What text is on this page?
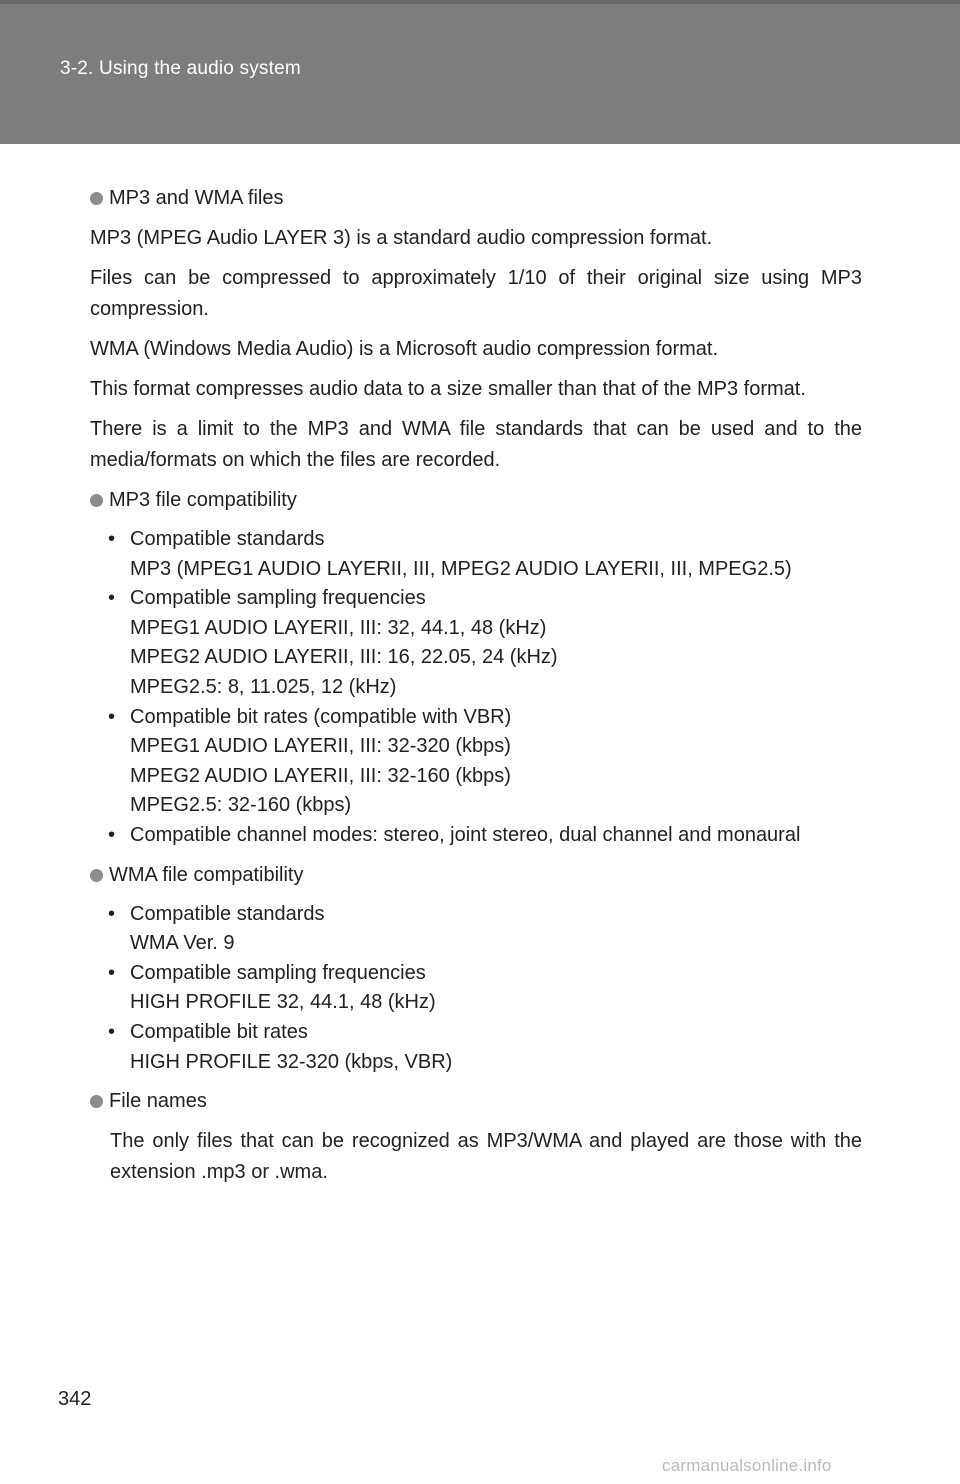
3-2. Using the audio system
MP3 and WMA files
MP3 (MPEG Audio LAYER 3) is a standard audio compression format.
Files can be compressed to approximately 1/10 of their original size using MP3 compression.
WMA (Windows Media Audio) is a Microsoft audio compression format.
This format compresses audio data to a size smaller than that of the MP3 format.
There is a limit to the MP3 and WMA file standards that can be used and to the media/formats on which the files are recorded.
MP3 file compatibility
• Compatible standards
MP3 (MPEG1 AUDIO LAYERII, III, MPEG2 AUDIO LAYERII, III, MPEG2.5)
• Compatible sampling frequencies
MPEG1 AUDIO LAYERII, III: 32, 44.1, 48 (kHz)
MPEG2 AUDIO LAYERII, III: 16, 22.05, 24 (kHz)
MPEG2.5: 8, 11.025, 12 (kHz)
• Compatible bit rates (compatible with VBR)
MPEG1 AUDIO LAYERII, III: 32-320 (kbps)
MPEG2 AUDIO LAYERII, III: 32-160 (kbps)
MPEG2.5: 32-160 (kbps)
• Compatible channel modes: stereo, joint stereo, dual channel and monaural
WMA file compatibility
• Compatible standards
WMA Ver. 9
• Compatible sampling frequencies
HIGH PROFILE 32, 44.1, 48 (kHz)
• Compatible bit rates
HIGH PROFILE 32-320 (kbps, VBR)
File names
The only files that can be recognized as MP3/WMA and played are those with the extension .mp3 or .wma.
342
carmanualsonline.info
